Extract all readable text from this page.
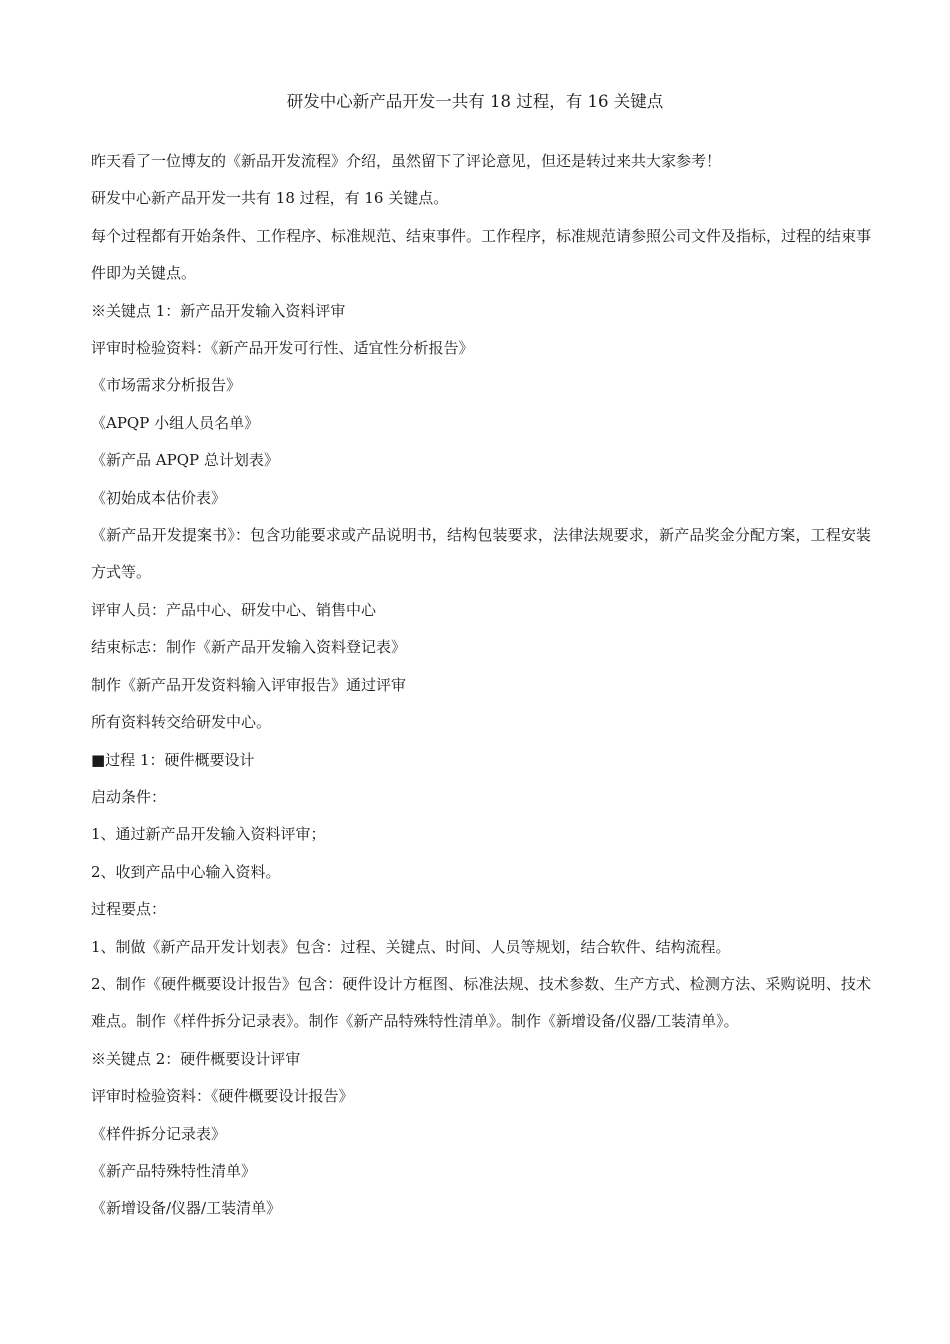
研发中心新产品开发一共有 18 过程，有 16 关键点

昨天看了一位博友的《新品开发流程》介绍，虽然留下了评论意见，但还是转过来共大家参考！

研发中心新产品开发一共有 18 过程，有 16 关键点。

每个过程都有开始条件、工作程序、标准规范、结束事件。工作程序，标准规范请参照公司文件及指标，过程的结束事件即为关键点。

※关键点 1：新产品开发输入资料评审

评审时检验资料：《新产品开发可行性、适宜性分析报告》

《市场需求分析报告》

《APQP 小组人员名单》

《新产品 APQP 总计划表》

《初始成本估价表》

《新产品开发提案书》：包含功能要求或产品说明书，结构包装要求，法律法规要求，新产品奖金分配方案，工程安装方式等。

评审人员：产品中心、研发中心、销售中心

结束标志：制作《新产品开发输入资料登记表》

制作《新产品开发资料输入评审报告》通过评审

所有资料转交给研发中心。

■过程 1：硬件概要设计

启动条件：

1、通过新产品开发输入资料评审；

2、收到产品中心输入资料。

过程要点：

1、制做《新产品开发计划表》包含：过程、关键点、时间、人员等规划，结合软件、结构流程。

2、制作《硬件概要设计报告》包含：硬件设计方框图、标准法规、技术参数、生产方式、检测方法、采购说明、技术难点。制作《样件拆分记录表》。制作《新产品特殊特性清单》。制作《新增设备/仪器/工装清单》。

※关键点 2：硬件概要设计评审

评审时检验资料：《硬件概要设计报告》

《样件拆分记录表》

《新产品特殊特性清单》

《新增设备/仪器/工装清单》
